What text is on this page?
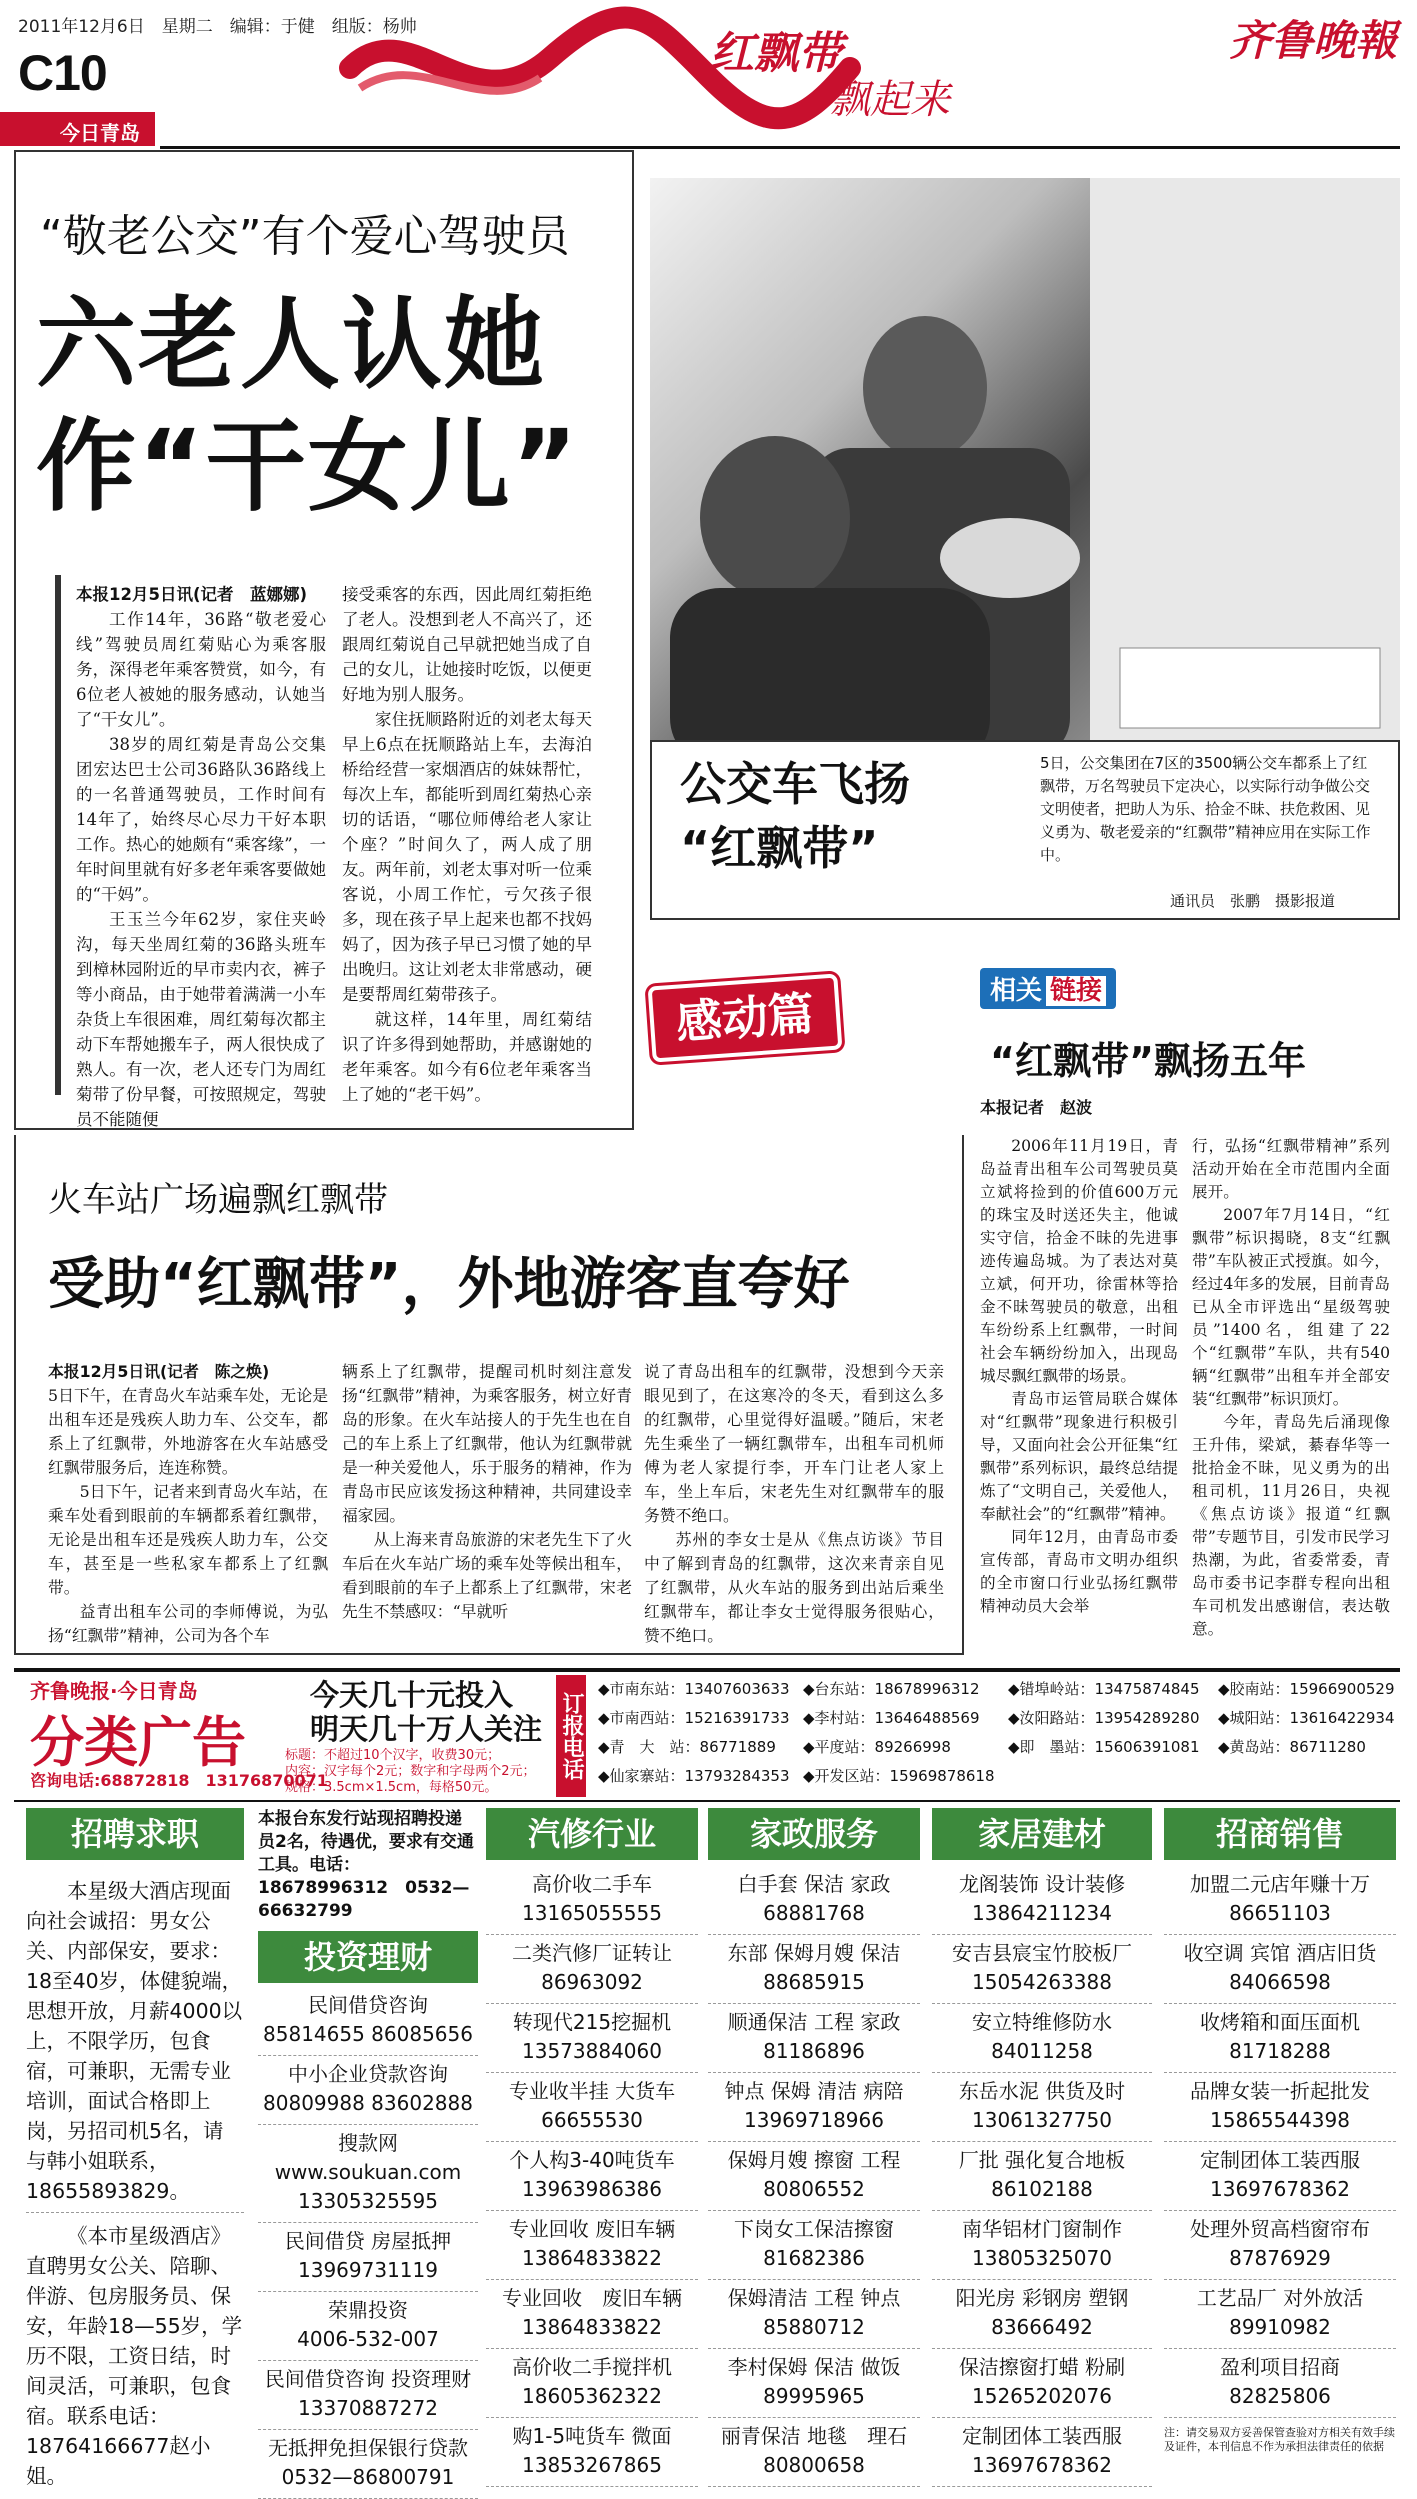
2011年12月6日　星期二　编辑：于健　组版：杨帅
C10
今日青岛
红飘带
飘起来
齐鲁晚報
“敬老公交”有个爱心驾驶员
六老人认她
作“干女儿”

本报12月5日讯(记者　蓝娜娜)

工作14年，36路“敬老爱心线”驾驶员周红菊贴心为乘客服务，深得老年乘客赞赏，如今，有6位老人被她的服务感动，认她当了“干女儿”。

38岁的周红菊是青岛公交集团宏达巴士公司36路队36路线上的一名普通驾驶员，工作时间有14年了，始终尽心尽力干好本职工作。热心的她颇有“乘客缘”，一年时间里就有好多老年乘客要做她的“干妈”。

王玉兰今年62岁，家住夹岭沟，每天坐周红菊的36路头班车到樟林园附近的早市卖内衣，裤子等小商品，由于她带着满满一小车杂货上车很困难，周红菊每次都主动下车帮她搬车子，两人很快成了熟人。有一次，老人还专门为周红菊带了份早餐，可按照规定，驾驶员不能随便

接受乘客的东西，因此周红菊拒绝了老人。没想到老人不高兴了，还跟周红菊说自己早就把她当成了自己的女儿，让她接时吃饭，以便更好地为别人服务。

家住抚顺路附近的刘老太每天早上6点在抚顺路站上车，去海泊桥给经营一家烟酒店的妹妹帮忙，每次上车，都能听到周红菊热心亲切的话语，“哪位师傅给老人家让个座？”时间久了，两人成了朋友。两年前，刘老太事对听一位乘客说，小周工作忙，亏欠孩子很多，现在孩子早上起来也都不找妈妈了，因为孩子早已习惯了她的早出晚归。这让刘老太非常感动，硬是要帮周红菊带孩子。

就这样，14年里，周红菊结识了许多得到她帮助，并感谢她的老年乘客。如今有6位老年乘客当上了她的“老干妈”。

公交车飞扬
“红飘带”
5日，公交集团在7区的3500辆公交车都系上了红飘带，万名驾驶员下定决心，以实际行动争做公交文明使者，把助人为乐、拾金不昧、扶危救困、见义勇为、敬老爱亲的“红飘带”精神应用在实际工作中。
通讯员　张鹏　摄影报道
感动篇	相关 链接
“红飘带”飘扬五年
本报记者　赵波

2006年11月19日，青岛益青出租车公司驾驶员莫立斌将捡到的价值600万元的珠宝及时送还失主，他诚实守信，拾金不昧的先进事迹传遍岛城。为了表达对莫立斌，何开功，徐雷林等拾金不昧驾驶员的敬意，出租车纷纷系上红飘带，一时间社会车辆纷纷加入，出现岛城尽飘红飘带的场景。

青岛市运管局联合媒体对“红飘带”现象进行积极引导，又面向社会公开征集“红飘带”系列标识，最终总结提炼了“文明自己，关爱他人，奉献社会”的“红飘带”精神。

同年12月，由青岛市委宣传部，青岛市文明办组织的全市窗口行业弘扬红飘带精神动员大会举

行，弘扬“红飘带精神”系列活动开始在全市范围内全面展开。

2007年7月14日，“红飘带”标识揭晓，8支“红飘带”车队被正式授旗。如今，经过4年多的发展，目前青岛已从全市评选出“星级驾驶员”1400名，组建了22个“红飘带”车队，共有540辆“红飘带”出租车并全部安装“红飘带”标识顶灯。

今年，青岛先后涌现像王升伟，梁斌，綦春华等一批拾金不昧，见义勇为的出租司机，11月26日，央视《焦点访谈》报道“红飘带”专题节目，引发市民学习热潮，为此，省委常委，青岛市委书记李群专程向出租车司机发出感谢信，表达敬意。

火车站广场遍飘红飘带
受助“红飘带”，外地游客直夸好

本报12月5日讯(记者　陈之焕)

5日下午，在青岛火车站乘车处，无论是出租车还是残疾人助力车、公交车，都系上了红飘带，外地游客在火车站感受红飘带服务后，连连称赞。

5日下午，记者来到青岛火车站，在乘车处看到眼前的车辆都系着红飘带，无论是出租车还是残疾人助力车，公交车，甚至是一些私家车都系上了红飘带。

益青出租车公司的李师傅说，为弘扬“红飘带”精神，公司为各个车

辆系上了红飘带，提醒司机时刻注意发扬“红飘带”精神，为乘客服务，树立好青岛的形象。在火车站接人的于先生也在自己的车上系上了红飘带，他认为红飘带就是一种关爱他人，乐于服务的精神，作为青岛市民应该发扬这种精神，共同建设幸福家园。

从上海来青岛旅游的宋老先生下了火车后在火车站广场的乘车处等候出租车，看到眼前的车子上都系上了红飘带，宋老先生不禁感叹：“早就听

说了青岛出租车的红飘带，没想到今天亲眼见到了，在这寒冷的冬天，看到这么多的红飘带，心里觉得好温暖。”随后，宋老先生乘坐了一辆红飘带车，出租车司机师傅为老人家提行李，开车门让老人家上车，坐上车后，宋老先生对红飘带车的服务赞不绝口。

苏州的李女士是从《焦点访谈》节目中了解到青岛的红飘带，这次来青亲自见了红飘带，从火车站的服务到出站后乘坐红飘带车，都让李女士觉得服务很贴心，赞不绝口。

齐鲁晚报·今日青岛
分类广告
咨询电话:68872818　13176870071
今天几十元投入
明天几十万人关注
标题：不超过10个汉字，收费30元；
内容：汉字每个2元；数字和字母两个2元；
规格：3.5cm×1.5cm，每格50元。
订报电话
◆市南东站：13407603633 ◆台东站：18678996312	◆错埠岭站：13475874845	◆胶南站：15966900529
◆市南西站：15216391733 ◆李村站：13646488569	◆汝阳路站：13954289280	◆城阳站：13616422934
◆青　大　站：86771889	◆平度站：89266998	◆即　墨站：15606391081	◆黄岛站：86711280
◆仙家寨站：13793284353 ◆开发区站：15969878618
招聘求职

本星级大酒店现面向社会诚招：男女公关、内部保安，要求：18至40岁，体健貌端，思想开放，月薪4000以上，不限学历，包食宿，可兼职，无需专业培训，面试合格即上岗，另招司机5名，请与韩小姐联系，18655893829。

《本市星级酒店》直聘男女公关、陪聊、伴游、包房服务员、保安，年龄18—55岁，学历不限，工资日结，时间灵活，可兼职，包食宿。联系电话：18764166677赵小姐。

本报台东发行站现招聘投递员2名，待遇优，要求有交通工具。电话：18678996312　0532—66632799
投资理财
民间借贷咨询
85814655 86085656
中小企业贷款咨询
80809988 83602888
搜款网
www.soukuan.com
13305325595
民间借贷 房屋抵押
13969731119
荣鼎投资
4006-532-007
民间借贷咨询 投资理财
13370887272
无抵押免担保银行贷款
0532—86800791
汽修行业
高价收二手车
13165055555
二类汽修厂证转让
86963092
转现代215挖掘机
13573884060
专业收半挂 大货车
66655530
个人构3-40吨货车
13963986386
专业回收 废旧车辆
13864833822
专业回收　废旧车辆
13864833822
高价收二手搅拌机
18605362322
购1-5吨货车 微面
13853267865
家政服务
白手套 保洁 家政
68881768
东部 保姆月嫂 保洁
88685915
顺通保洁 工程 家政
81186896
钟点 保姆 清洁 病陪
13969718966
保姆月嫂 擦窗 工程
80806552
下岗女工保洁擦窗
81682386
保姆清洁 工程 钟点
85880712
李村保姆 保洁 做饭
89995965
丽青保洁 地毯　理石
80800658
家居建材
龙阁装饰 设计装修
13864211234
安吉县宸宝竹胶板厂
15054263388
安立特维修防水
84011258
东岳水泥 供货及时
13061327750
厂批 强化复合地板
86102188
南华铝材门窗制作
13805325070
阳光房 彩钢房 塑钢
83666492
保洁擦窗打蜡 粉刷
15265202076
定制团体工装西服
13697678362
招商销售
加盟二元店年赚十万
86651103
收空调 宾馆 酒店旧货
84066598
收烤箱和面压面机
81718288
品牌女装一折起批发
15865544398
定制团体工装西服
13697678362
处理外贸高档窗帘布
87876929
工艺品厂 对外放活
89910982
盈利项目招商
82825806
注：请交易双方妥善保管查验对方相关有效手续及证件，本刊信息不作为承担法律责任的依据
